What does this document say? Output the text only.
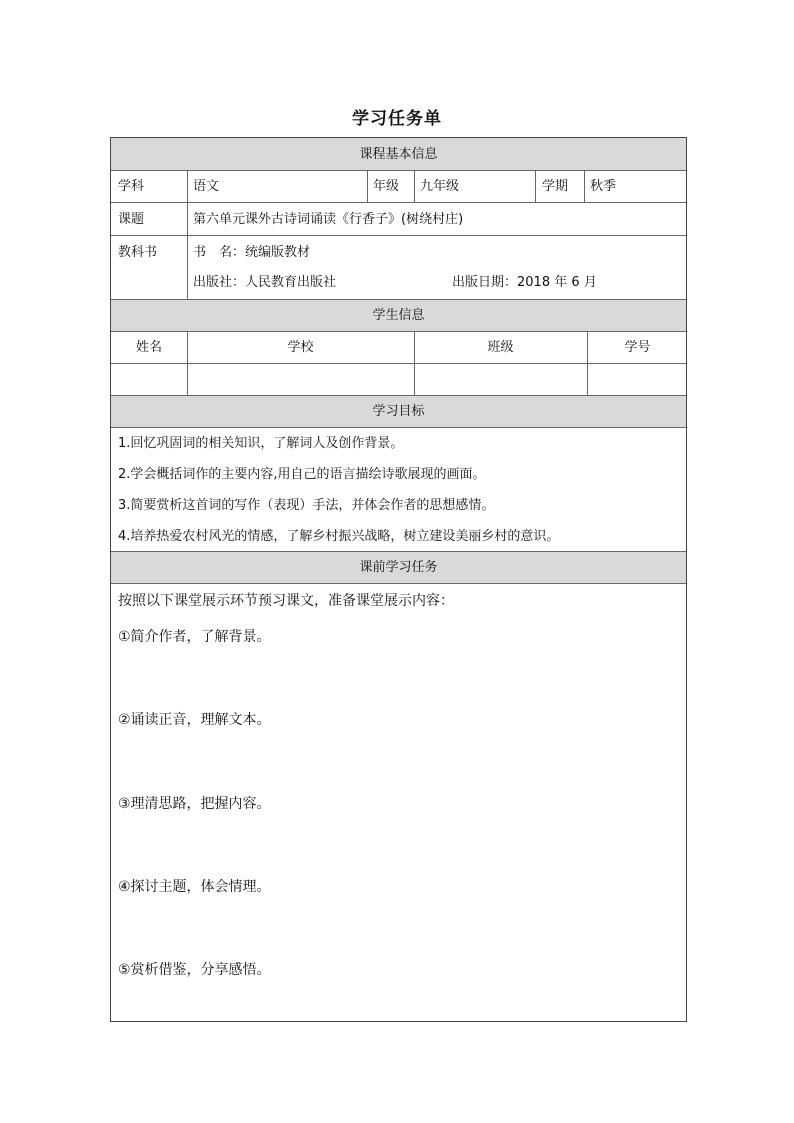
学习任务单
课程基本信息
学科	语文	年级 九年级	学期 秋季
课题	第六单元课外古诗词诵读《行香子》(树绕村庄)
教科书	书　名：统编版教材
出版社：人民教育出版社	出版日期：2018 年 6 月
学生信息
姓名	学校	班级	学号
学习目标
1.回忆巩固词的相关知识，了解词人及创作背景。
2.学会概括词作的主要内容,用自己的语言描绘诗歌展现的画面。
3.简要赏析这首词的写作（表现）手法，并体会作者的思想感情。
4.培养热爱农村风光的情感，了解乡村振兴战略，树立建设美丽乡村的意识。
课前学习任务
按照以下课堂展示环节预习课文，准备课堂展示内容：
①简介作者，了解背景。
②诵读正音，理解文本。
③理清思路，把握内容。
④探讨主题，体会情理。
⑤赏析借鉴，分享感悟。
